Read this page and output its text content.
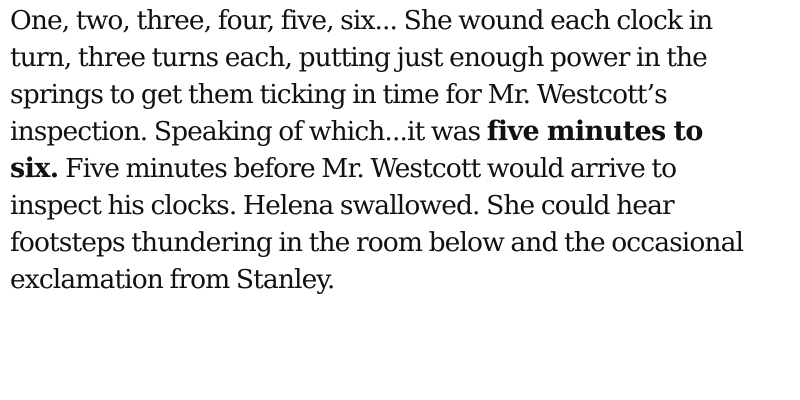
One, two, three, four, five, six... She wound each clock in
turn, three turns each, putting just enough power in the
springs to get them ticking in time for Mr. Westcott’s
inspection. Speaking of which...it was five minutes to
six. Five minutes before Mr. Westcott would arrive to
inspect his clocks. Helena swallowed. She could hear
footsteps thundering in the room below and the occasional
exclamation from Stanley.
